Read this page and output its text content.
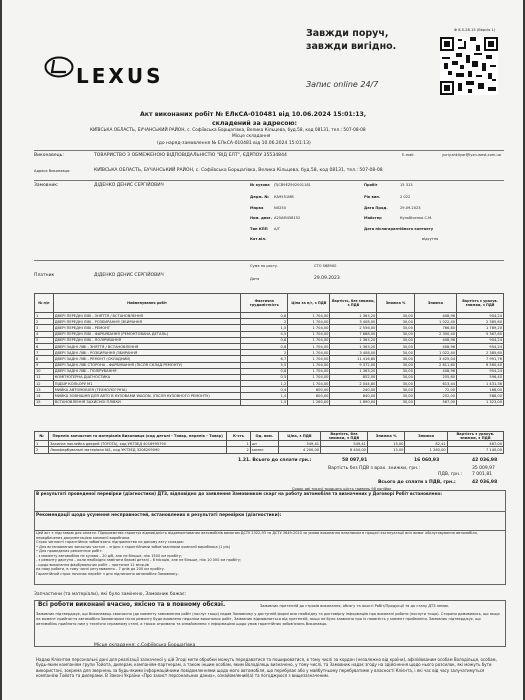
Ф 8.5-28-15 (Версія 1)
LEXUS
Завжди поруч, завжди вигідно.
Запис online 24/7
Акт виконаних робіт № ЕЛкСА-010481 від 10.06.2024 15:01:13,
складений за адресою:
КИЇВСЬКА ОБЛАСТЬ, БУЧАНСЬКИЙ РАЙОН, с. Софіївська Борщагівка, Велика Кільцева, буд.58, код 08131, тел.: 507-08-08
Місце складання
(до наряд-замовлення № ЕЛкСА-010481 від 10.06.2024 15:01:13)
Виконавець:	ТОВАРИСТВО З ОБМЕЖЕНОЮ ВІДПОВІДАЛЬНІСТЮ "ВІД ЕЛТ", ЄДРПОУ 35534844	E-mail:	yuriy.shkilyar@lyxn-west.com.ua
Адреса Виконавця:	КИЇВСЬКА ОБЛАСТЬ, БУЧАНСЬКИЙ РАЙОН, с. Софіївська Борщагівка, Велика Кільцева, буд.58, код 08131, тел.: 507-08-08
Замовник:	ДІДЕНКО ДЕНИС СЕРГІЙОВИЧ	№ кузова JTJCB9EZ902001181
Держ. № КА9551МВ
Марка	NX250
Ном. двиг. A25AM458152
Тип КПП А/Т
Кат.віл.
Пробіг	15 313
Рік вип.	2 022
Дата Прод.	29.09.2023
Майстер	Кульбіченко С.М.
Дата післягарантійного контакту
відсутня
Сума по росту.	СТО 568900
Платник	ДІДЕНКО ДЕНИС СЕРГІЙОВИЧ
Дата	29.09.2023
№ п/п	Найменування робіт	Фактична трудомісткість	Ціна за н/г, з ПДВ	Вартість, без знижки, з ПДВ	Знижка %	Знижка	Вартість з урахув. знижки, з ПДВ
1	ДВЕРІ ПЕРЕДНІ ЛІВІ - ЗНЯТТЯ / ВСТАНОВЛЕННЯ	0,8	1 704,00	1 363,20	30,00	408,96	954,24
2	ДВЕРІ ПЕРЕДНІ ЛІВІ - РОЗБИРАННЯ /ЗБИРАННЯ	2	1 704,00	3 408,00	30,00	1 022,40	2 385,60
3	ДВЕРІ ПЕРЕДНІ ЛІВІ - РЕМОНТ	1,5	1 704,00	2 556,00	30,00	766,80	1 789,20
4	ДВЕРІ ПЕРЕДНІ ЛІВІ - ФАРБУВАННЯ (РЕМОНТОВАНА ДЕТАЛЬ)	4,5	1 704,00	7 668,00	30,00	2 300,40	5 367,60
5	ДВЕРІ ПЕРЕДНІ ЛІВІ - ПОЛІРУВАННЯ	0,8	1 704,00	1 363,20	30,00	408,96	954,24
6	ДВЕРІ ЗАДНІ ЛІВІ - ЗНЯТТЯ / ВСТАНОВЛЕННЯ	0,8	1 704,00	1 363,20	30,00	408,96	954,24
7	ДВЕРІ ЗАДНІ ЛІВІ - РОЗБИРАННЯ /ЗБИРАННЯ	2	1 704,00	3 408,00	30,00	1 022,40	2 385,60
8	ДВЕРІ ЗАДНІ ЛІВІ - РЕМОНТ (СКЛАДНИЙ)	6,7	1 704,00	11 416,80	30,00	3 425,04	7 991,76
9	ДВЕРІ ЗАДНІ ЛІВІ СТОРОНА - ФАРБУВАННЯ (ПІСЛЯ СКЛАД.РЕМОНТУ)	5,5	1 704,00	9 372,00	30,00	2 811,60	6 560,40
10	ДВЕРІ ЗАДНІ ЛІВІ - ПОЛІРУВАННЯ	0,8	1 704,00	1 363,20	30,00	408,96	954,24
11	КОМП'ЮТЕРНА ДІАГНОСТИКА	0,5	1 704,00	852,00	30,00	255,60	596,40
12	ПІДБІР КОЛЬОРУ М1	1,2	1 704,00	2 044,80	30,00	613,44	1 431,36
13	МИЙКА АВТОМОБІЛЯ (ТЕХНОЛОГІЧНА)	0,4	600,00	240,00	30,00	72,00	168,00
14	МИЙКА ЗОВНІШНЯ ДЛЯ АВТО В КУЗОВАМИ WAGON. (ПІСЛЯ КУЗОВНОГО РЕМОНТУ)	1,4	600,00	840,00	30,00	252,00	588,00
15	ВСТАНОВЛЕННЯ ЗАХИСНОЇ ПЛІВКИ	1,5	1 260,00	1 890,00	30,00	567,00	1 323,00
№	Перелік запчастин та матеріалів Виконавця (код деталі - Товар, перелік - Товар)	К-сть	Од. вим.	Ціна, з ПДВ	Вартість, без знижки, з ПДВ	Знижка %	Знижка	Вартість з урахув. знижки, з ПДВ
1	Захисна наклейка дверей (TOYOTA), код УКТЗЕД 4016995790	1	шт	549,41	549,41	15,00	82,41	467,00
2	Лакофарбувальні матеріали №1, код УКТЗЕД 3208209090	2	компл	4 200,00	8 400,00	15,00	1 260,00	7 140,00
1.21. Всього до сплати грн.:	58 097,91	16 060,93	42 036,98
Вартість без ПДВ з врах. знижки, грн.:	35 009,97
ПДВ, грн.: 7 001,81
Всього до сплати з ПДВ, грн.:	42 036,98
Сорок дві тисячі тридцять шість гривень 98 копійок
В результаті проведеної перевірки (діагностики) ДТЗ, відповідно до заявлення Замовником скарг на роботу автомобіля та визначених у Договорі Робіт встановлено:
Рекомендації щодо усунення несправностей, встановлених в результаті перевірки (діагностики):
Цей акт є підставою для оплати. Підприємство гарантує відповідність відремонтованих автомобілів вимогам ДСТУ 2322-93 та ДСТУ 3649:2010 за умови виконання власником в процесі експлуатації всіх вимог обслуговування автомобіля, передбачених документацією компанії виробника.
Строк чинності гарантійних зобов'язань підприємства по даному акту складає:
• Для встановлених запасних частин – згідно з гарантійними зобов'язаннями компанії виробника (1 рік)
• Для проведених ремонтних робіт:
- з моменту автомобіля не кузова – 20 діб, але не більше, ніж 1500 км пробігу;
- з ремонту двигуна – коли необхідно замінити базові деталі – 6 місяців, але не більше, ніж 10 000 км пробігу;
- щодо виконання фарбувальних робіт – протягом 12 місяців
на нову роботи, в тому числі регулювання – 7 днів до 200 км пробігу.
Гарантійний строк починає перебіг з дня підписання автомобіля Замовнику.
Запчастини (та матеріали), які було замінено, Замовник бажає:
Всі роботи виконані вчасно, якісно та в повному обсязі.	Замовник претензій до строків виконання, обсягу та якості Робіт/Продукції та до стану ДТЗ немає.
Замовник підтверджує, що Виконавець своєчасно (до моменту замовлення робіт (послуг тощо) надав Замовнику у доступній формі всю необхідну та достовірну інформацію про виконані роботи (послуги тощо). Сторони домовились, що якщо на момент прийняття автомобіля Замовником після ремонту буде виявлено недоліки виконаних робіт, Замовник відмовляється від претензій, якщо не було заявлено про їх наявність у момент приймання. Замовник підтверджує, що автомобіль прийнято ним у технічно справному стані, а також отримано та ознайомлено з інформацією щодо умов гарантійних зобов'язань Виконавця.
Місце складання: с.Софіївська Борщагівка
Надаю Клієнтом персональні дані для реалізації зазначеної у цій Згоді мети обробки можуть передаватися та поширюватися, в тому числі за кордон (незалежно від країни), афілійованим особам Володільця, особам, будь-яким компаніям групи Тойота, дилерам, компаніям-партнерам, а також іншим особам, яким Володілець визначено, у тому числі, та Замовник надає згоду на здійснення щодо нього розсилок, які можуть бути використані, зокрема для звернень за будь-якими інформаційними повідомленнями щодо мого автомобіля, що перебуває або у майбутньому перебуватиме у власності Клієнта, і які час від часу залучатимуться компанією Тойота та дилерами. В Законі України «Про захист персональних даних», ознайомлений(а) та погоджуюся з вищезазначеним.
